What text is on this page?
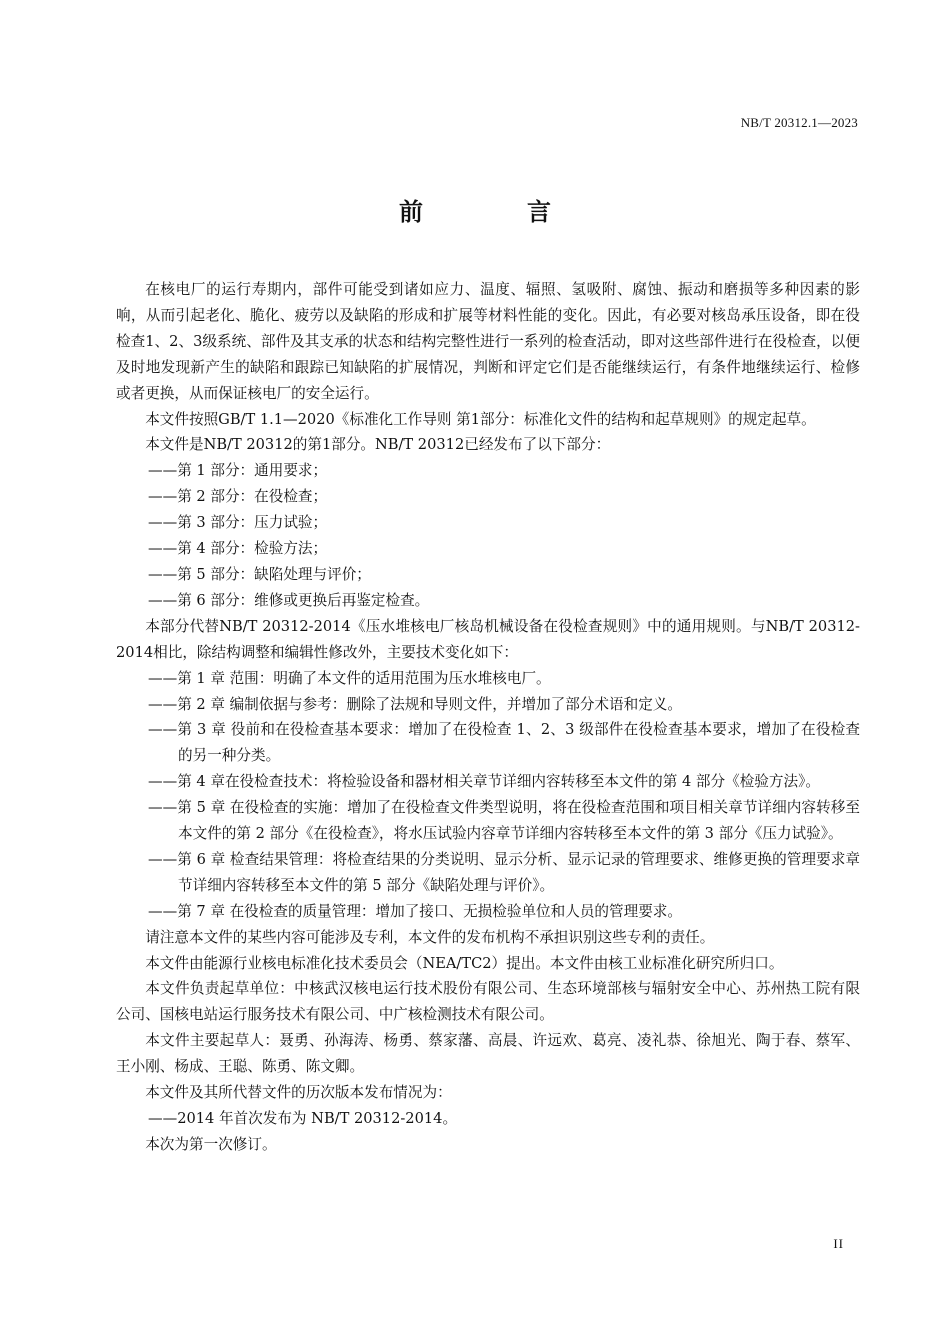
NB/T 20312.1—2023
前　言

在核电厂的运行寿期内，部件可能受到诸如应力、温度、辐照、氢吸附、腐蚀、振动和磨损等多种因素的影响，从而引起老化、脆化、疲劳以及缺陷的形成和扩展等材料性能的变化。因此，有必要对核岛承压设备，即在役检查1、2、3级系统、部件及其支承的状态和结构完整性进行一系列的检查活动，即对这些部件进行在役检查，以便及时地发现新产生的缺陷和跟踪已知缺陷的扩展情况，判断和评定它们是否能继续运行，有条件地继续运行、检修或者更换，从而保证核电厂的安全运行。

本文件按照GB/T 1.1—2020《标准化工作导则 第1部分：标准化文件的结构和起草规则》的规定起草。

本文件是NB/T 20312的第1部分。NB/T 20312已经发布了以下部分：

——第 1 部分：通用要求；

——第 2 部分：在役检查；

——第 3 部分：压力试验；

——第 4 部分：检验方法；

——第 5 部分：缺陷处理与评价；

——第 6 部分：维修或更换后再鉴定检查。

本部分代替NB/T 20312-2014《压水堆核电厂核岛机械设备在役检查规则》中的通用规则。与NB/T 20312-2014相比，除结构调整和编辑性修改外，主要技术变化如下：

——第 1 章 范围：明确了本文件的适用范围为压水堆核电厂。

——第 2 章 编制依据与参考：删除了法规和导则文件，并增加了部分术语和定义。

——第 3 章 役前和在役检查基本要求：增加了在役检查 1、2、3 级部件在役检查基本要求，增加了在役检查的另一种分类。

——第 4 章在役检查技术：将检验设备和器材相关章节详细内容转移至本文件的第 4 部分《检验方法》。

——第 5 章 在役检查的实施：增加了在役检查文件类型说明，将在役检查范围和项目相关章节详细内容转移至本文件的第 2 部分《在役检查》，将水压试验内容章节详细内容转移至本文件的第 3 部分《压力试验》。

——第 6 章 检查结果管理：将检查结果的分类说明、显示分析、显示记录的管理要求、维修更换的管理要求章节详细内容转移至本文件的第 5 部分《缺陷处理与评价》。

——第 7 章 在役检查的质量管理：增加了接口、无损检验单位和人员的管理要求。

请注意本文件的某些内容可能涉及专利，本文件的发布机构不承担识别这些专利的责任。

本文件由能源行业核电标准化技术委员会（NEA/TC2）提出。本文件由核工业标准化研究所归口。

本文件负责起草单位：中核武汉核电运行技术股份有限公司、生态环境部核与辐射安全中心、苏州热工院有限公司、国核电站运行服务技术有限公司、中广核检测技术有限公司。

本文件主要起草人：聂勇、孙海涛、杨勇、蔡家藩、高晨、许远欢、葛亮、凌礼恭、徐旭光、陶于春、蔡军、王小刚、杨成、王聪、陈勇、陈文卿。

本文件及其所代替文件的历次版本发布情况为：

——2014 年首次发布为 NB/T 20312-2014。

本次为第一次修订。

II
